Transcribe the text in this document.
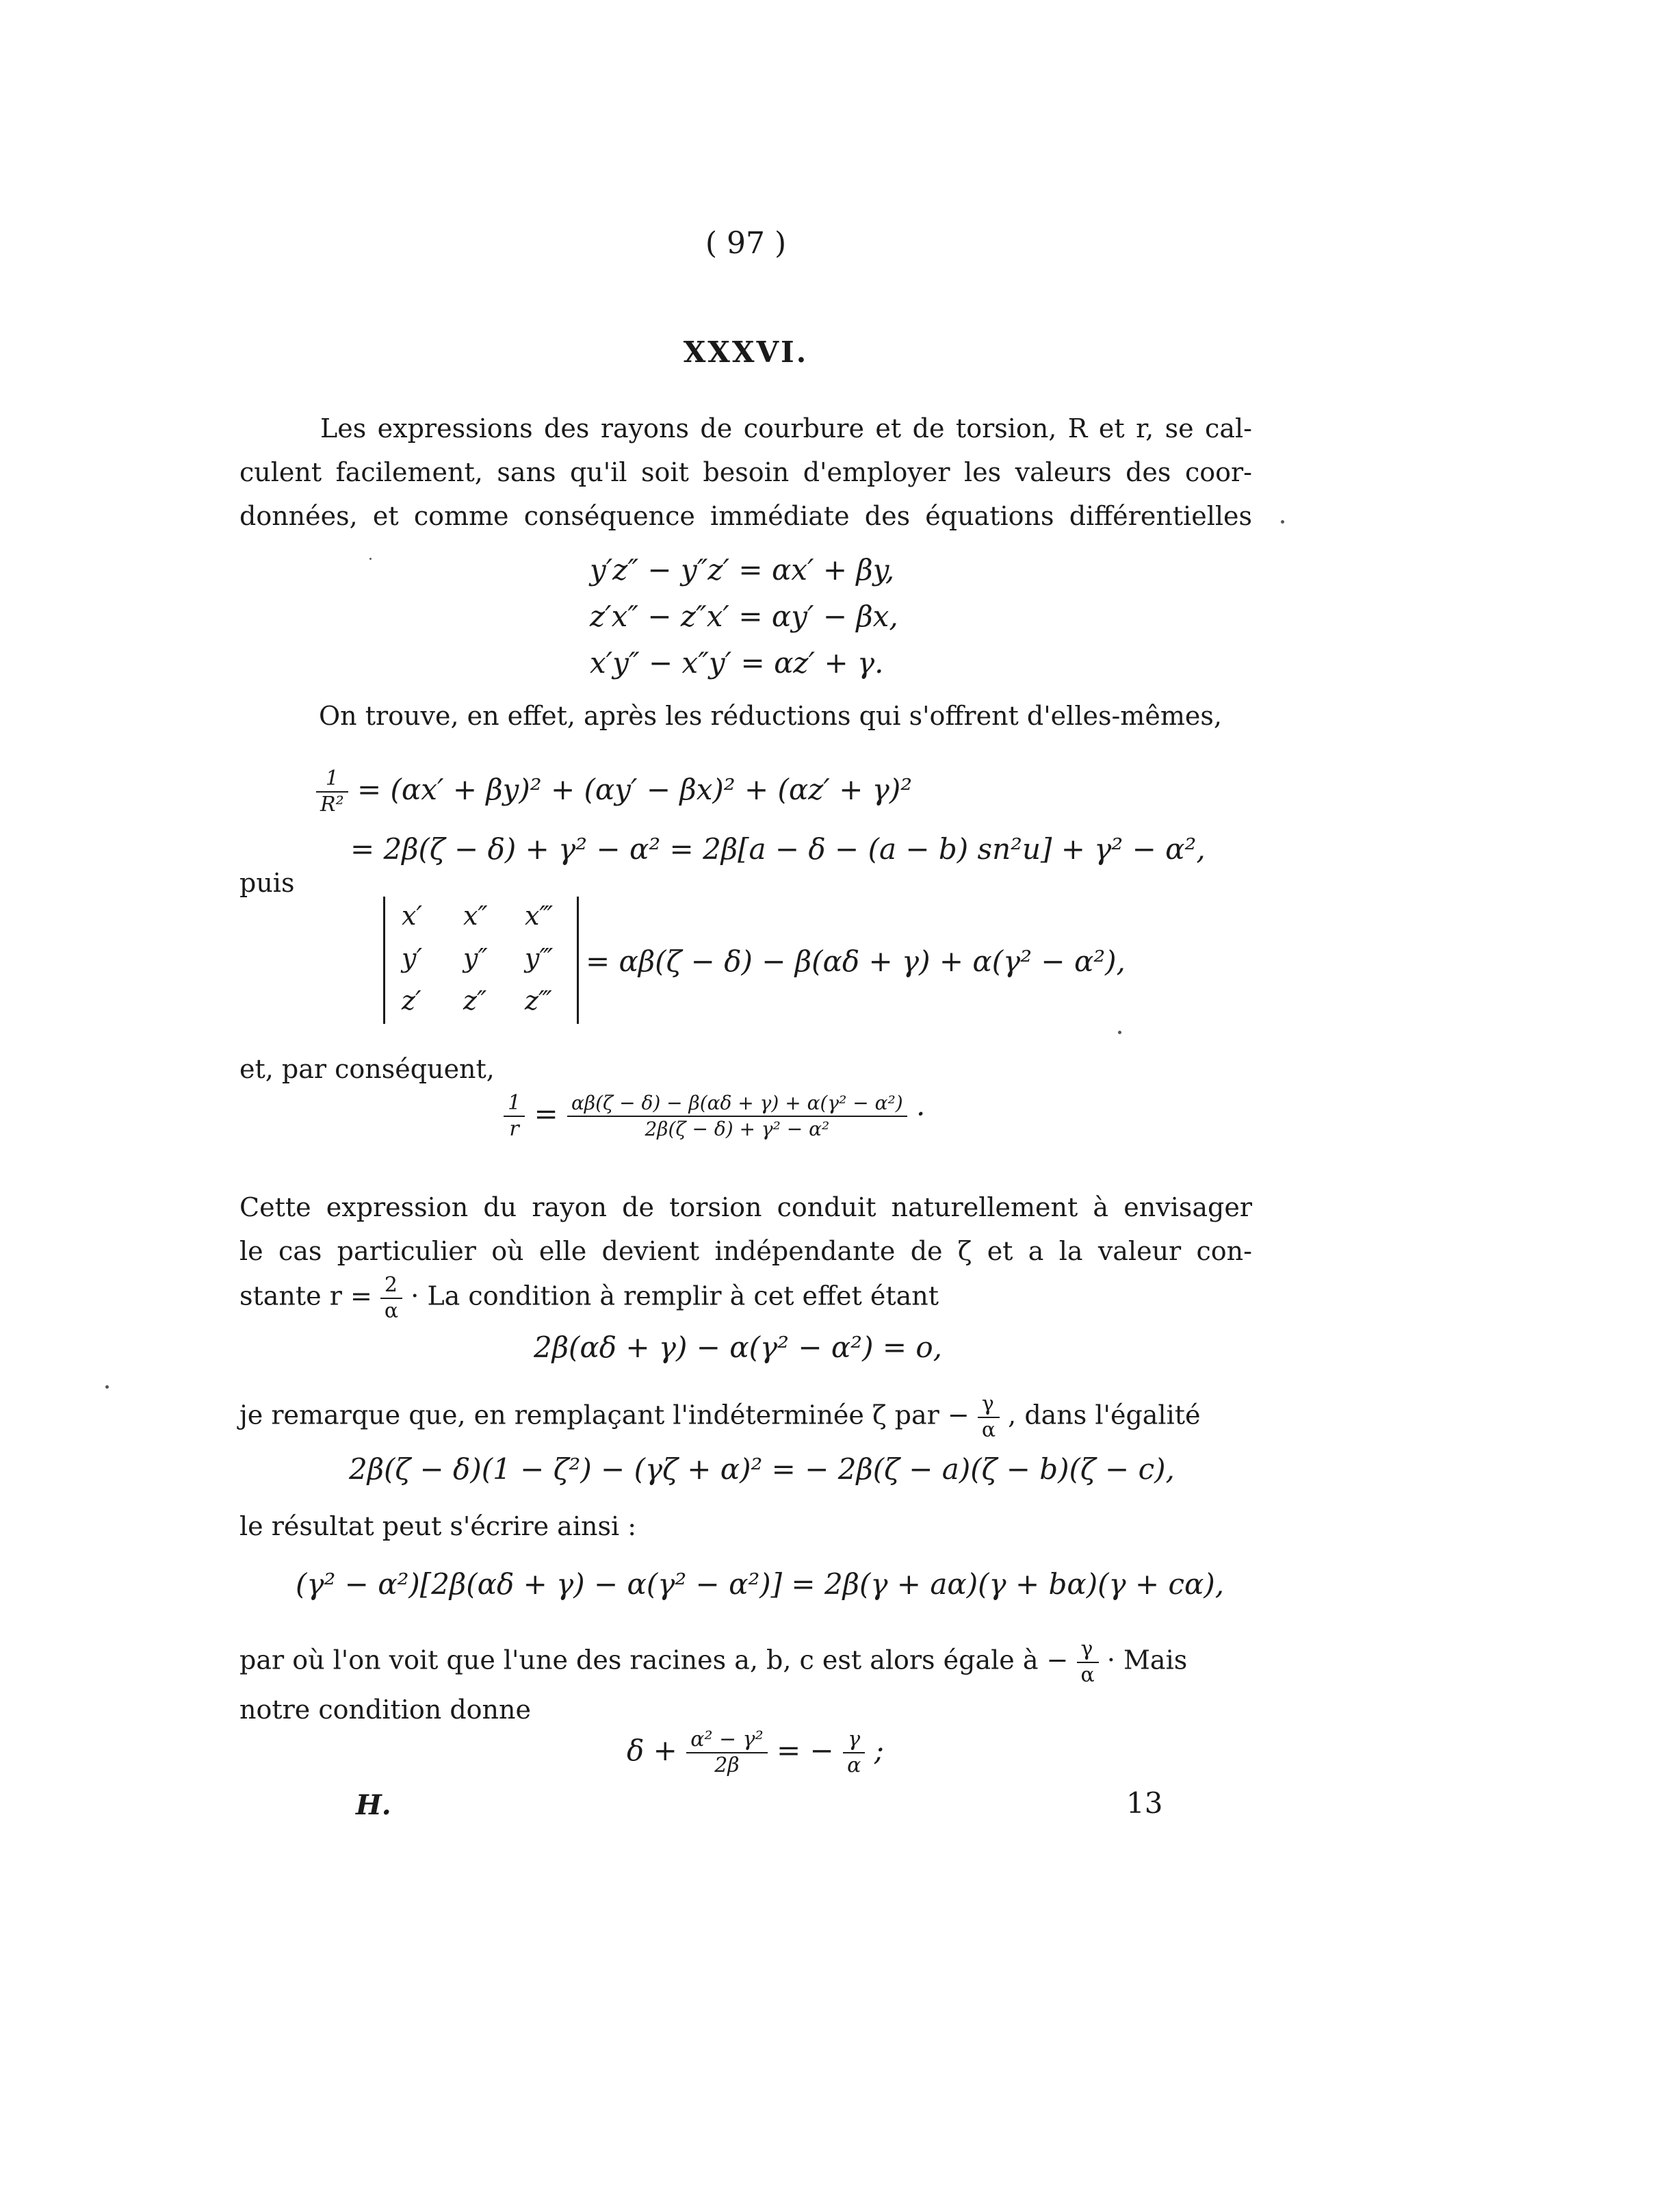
( 97 )
XXXVI.
Les expressions des rayons de courbure et de torsion, R et r, se cal-
culent facilement, sans qu'il soit besoin d'employer les valeurs des coor-
données, et comme conséquence immédiate des équations différentielles
y′z″ − y″z′ = αx′ + βy,
z′x″ − z″x′ = αy′ − βx,
x′y″ − x″y′ = αz′ + γ.
On trouve, en effet, après les réductions qui s'offrent d'elles-mêmes,
$\frac{1}{\text{R²}} = (\alpha x' + \beta y)^2 + (\alpha y' - \beta x)^2 + (\alpha z' + \gamma)^2$
= 2β(ζ − δ) + γ² − α² = 2β[a − δ − (a − b) sn²u] + γ² − α²,
puis
x′ x″ x‴
y′ y″ y‴
z′ z″ z‴
= αβ(ζ − δ) − β(αδ + γ) + α(γ² − α²),
et, par conséquent,
$\frac{1}{r} = \frac{\text{αβ(ζ − δ) − β(αδ + γ) + α(γ² − α²)}}{\text{2β(ζ − δ) + γ² − α²}}$ ·
Cette expression du rayon de torsion conduit naturellement à envisager
le cas particulier où elle devient indépendante de ζ et a la valeur con-
stante $r = \frac{2}{\alpha} \cdot La$ condition à remplir à cet effet étant
2β(αδ + γ) − α(γ² − α²) = o,
je remarque que, en remplaçant l'indéterminée ζ par − $\frac{\gamma}{\alpha}$ , dans l'égalité
2β(ζ − δ)(1 − ζ²) − (γζ + α)² = − 2β(ζ − a)(ζ − b)(ζ − c),
le résultat peut s'écrire ainsi :
(γ² − α²)[2β(αδ + γ) − α(γ² − α²)] = 2β(γ + aα)(γ + bα)(γ + cα),
par où l'on voit que l'une des racines a, b, c est alors égale à − $\frac{\gamma}{\alpha}$ · Mais
notre condition donne
$\delta + \frac{\text{α² − γ²}}{2\beta}$ = − $\frac{\gamma}{\alpha}$ ;
H.	13
